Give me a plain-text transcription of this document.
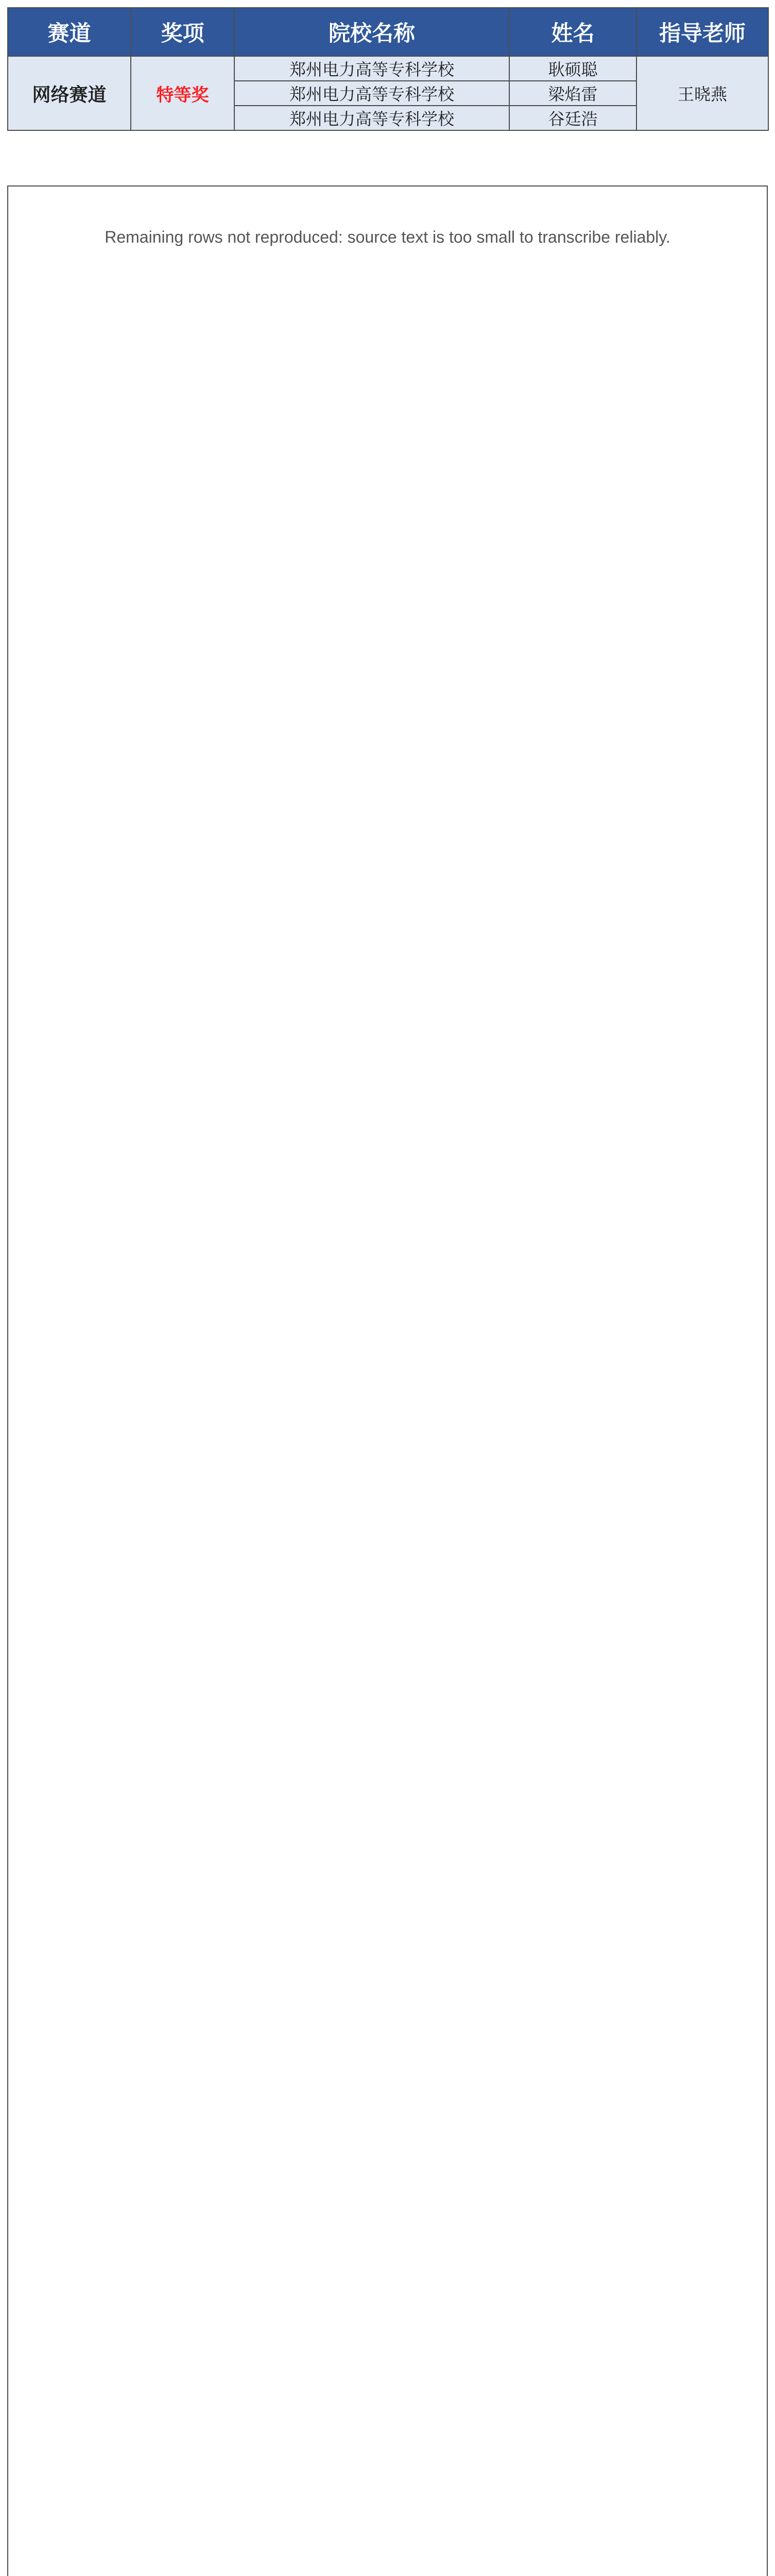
赛道	奖项	院校名称	姓名	指导老师
网络赛道	特等奖	郑州电力高等专科学校	耿硕聪	王晓燕
		郑州电力高等专科学校	梁焰雷	
		郑州电力高等专科学校	谷廷浩	
Remaining rows not reproduced: source text is too small to transcribe reliably.
